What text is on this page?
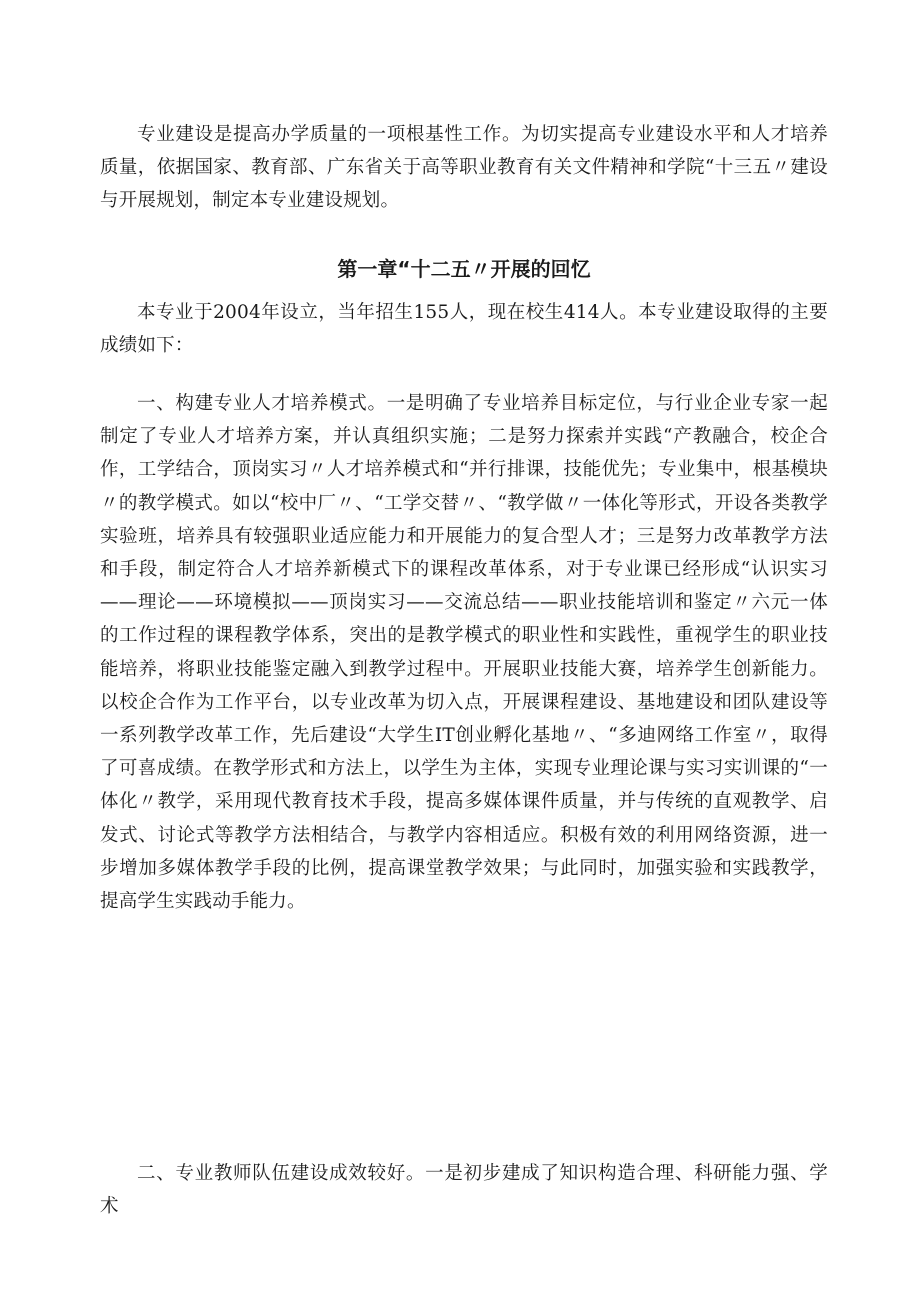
专业建设是提高办学质量的一项根基性工作。为切实提高专业建设水平和人才培养质量，依据国家、教育部、广东省关于高等职业教育有关文件精神和学院“十三五〃建设与开展规划，制定本专业建设规划。

第一章“十二五〃开展的回忆

本专业于2004年设立，当年招生155人，现在校生414人。本专业建设取得的主要成绩如下：

一、构建专业人才培养模式。一是明确了专业培养目标定位，与行业企业专家一起制定了专业人才培养方案，并认真组织实施；二是努力探索并实践“产教融合，校企合作，工学结合，顶岗实习〃人才培养模式和“并行排课，技能优先；专业集中，根基模块〃的教学模式。如以“校中厂〃、“工学交替〃、“教学做〃一体化等形式，开设各类教学实验班，培养具有较强职业适应能力和开展能力的复合型人才；三是努力改革教学方法和手段，制定符合人才培养新模式下的课程改革体系，对于专业课已经形成“认识实习——理论——环境模拟——顶岗实习——交流总结——职业技能培训和鉴定〃六元一体的工作过程的课程教学体系，突出的是教学模式的职业性和实践性，重视学生的职业技能培养，将职业技能鉴定融入到教学过程中。开展职业技能大赛，培养学生创新能力。以校企合作为工作平台，以专业改革为切入点，开展课程建设、基地建设和团队建设等一系列教学改革工作，先后建设“大学生IT创业孵化基地〃、“多迪网络工作室〃，取得了可喜成绩。在教学形式和方法上，以学生为主体，实现专业理论课与实习实训课的“一体化〃教学，采用现代教育技术手段，提高多媒体课件质量，并与传统的直观教学、启发式、讨论式等教学方法相结合，与教学内容相适应。积极有效的利用网络资源，进一步增加多媒体教学手段的比例，提高课堂教学效果；与此同时，加强实验和实践教学，提高学生实践动手能力。

二、专业教师队伍建设成效较好。一是初步建成了知识构造合理、科研能力强、学术
